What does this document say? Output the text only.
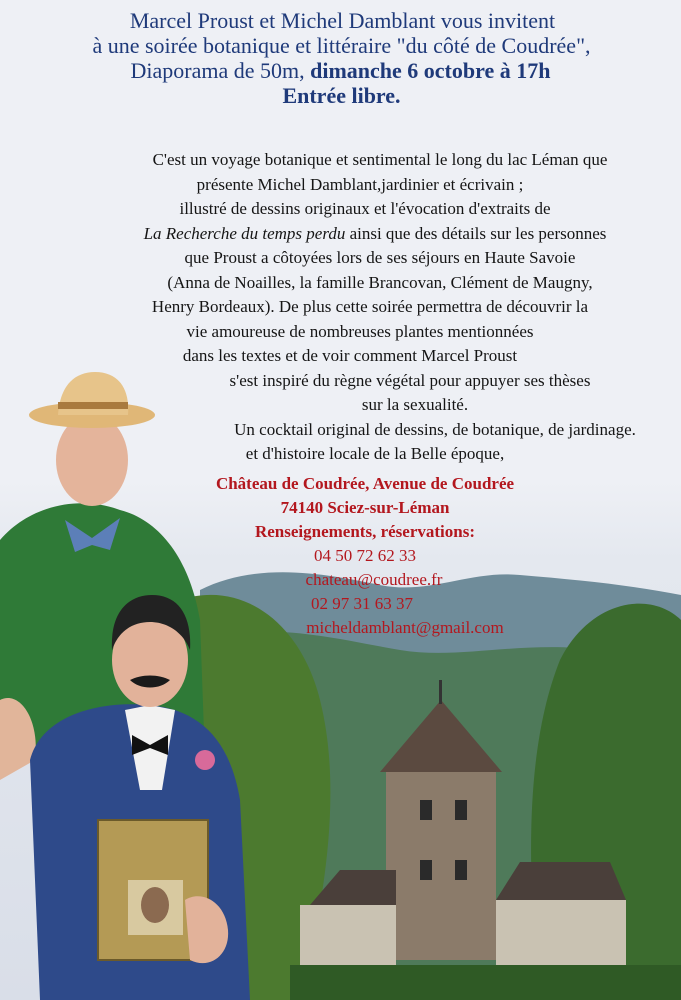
Marcel Proust et Michel Damblant vous invitent
à une soirée botanique et littéraire "du côté de Coudrée",
Diaporama de 50m, dimanche 6 octobre à 17h
Entrée libre.
C'est un voyage botanique et sentimental le long du lac Léman que
présente Michel Damblant,jardinier et écrivain ;
illustré de dessins originaux et l'évocation d'extraits de
La Recherche du temps perdu ainsi que des détails sur les personnes
que Proust a côtoyées lors de ses séjours en Haute Savoie
(Anna de Noailles, la famille Brancovan, Clément de Maugny,
Henry Bordeaux). De plus cette soirée permettra de découvrir la
vie amoureuse de nombreuses plantes mentionnées
dans les textes et de voir comment Marcel Proust
s'est inspiré du règne végétal pour appuyer ses thèses
sur la sexualité.
Un cocktail original de dessins, de botanique, de jardinage.
et d'histoire locale de la Belle époque,
Château de Coudrée, Avenue de Coudrée
74140 Sciez-sur-Léman
Renseignements, réservations:
04 50 72 62 33
chateau@coudree.fr
02 97 31 63 37
micheldamblant@gmail.com
